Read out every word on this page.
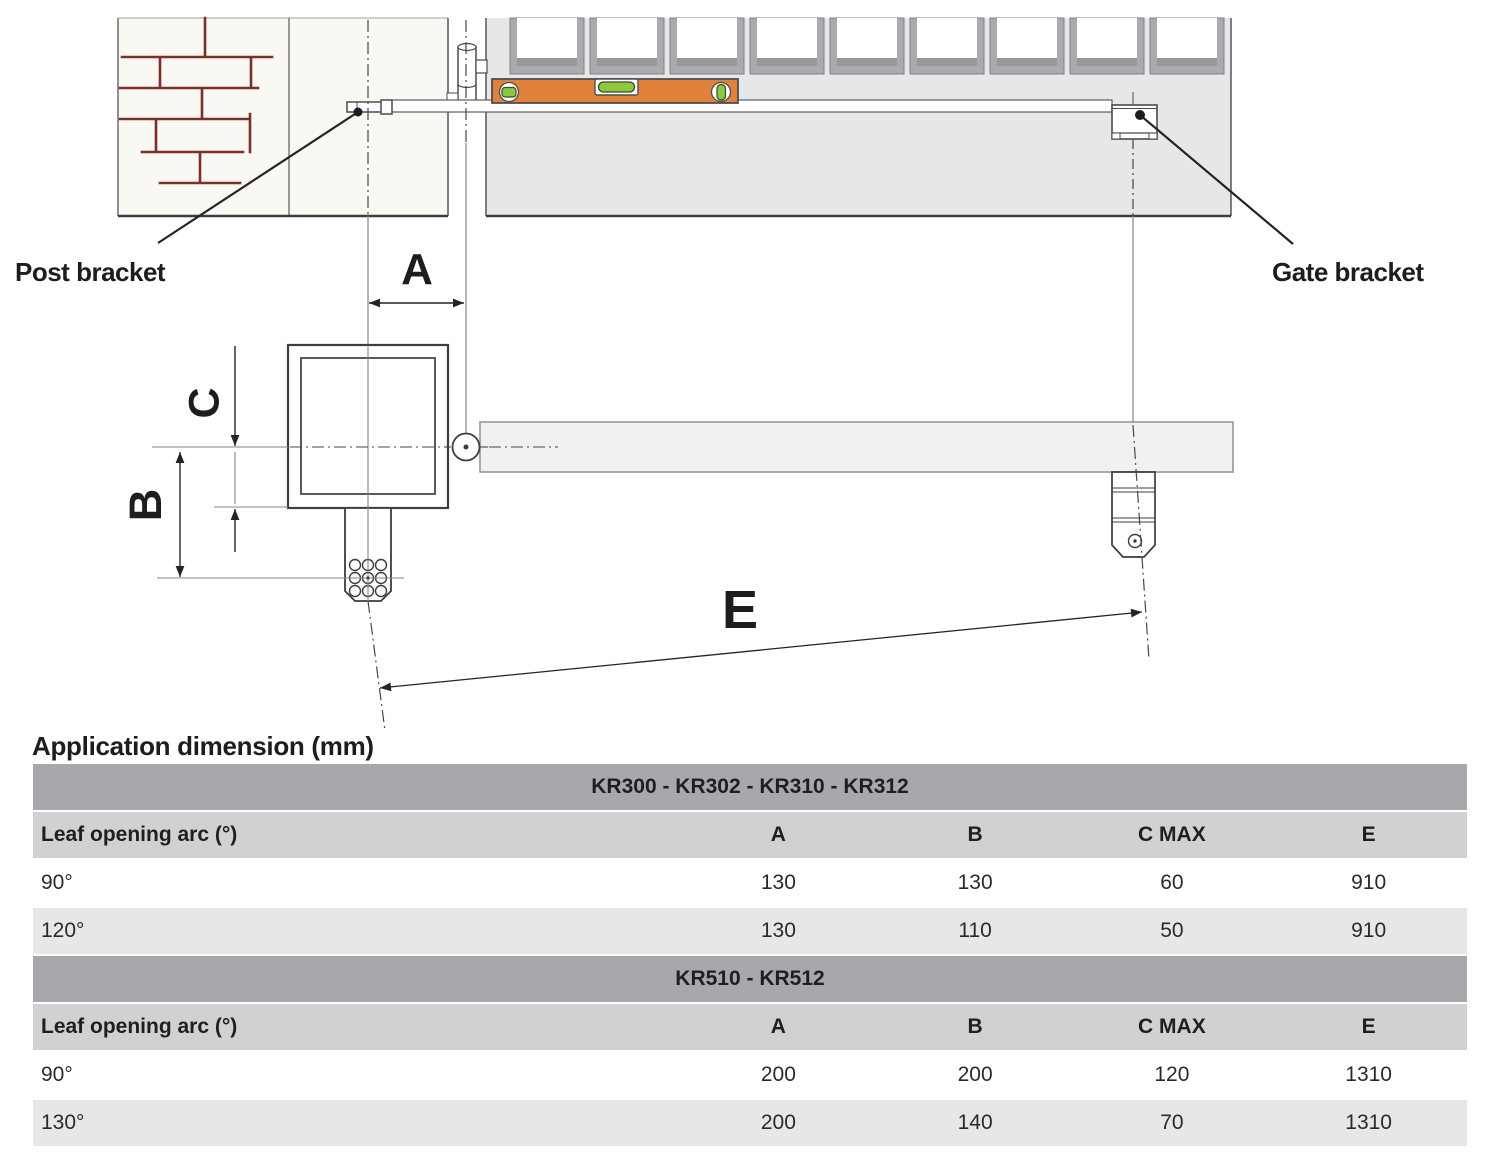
Post bracket	Gate bracket
A
C
B
E
Application dimension (mm)
KR300 - KR302 - KR310 - KR312
Leaf opening arc (°)	A	B	C MAX	E
90°	130	130	60	910
120°	130	110	50	910
KR510 - KR512
Leaf opening arc (°)	A	B	C MAX	E
90°	200	200	120	1310
130°	200	140	70	1310
